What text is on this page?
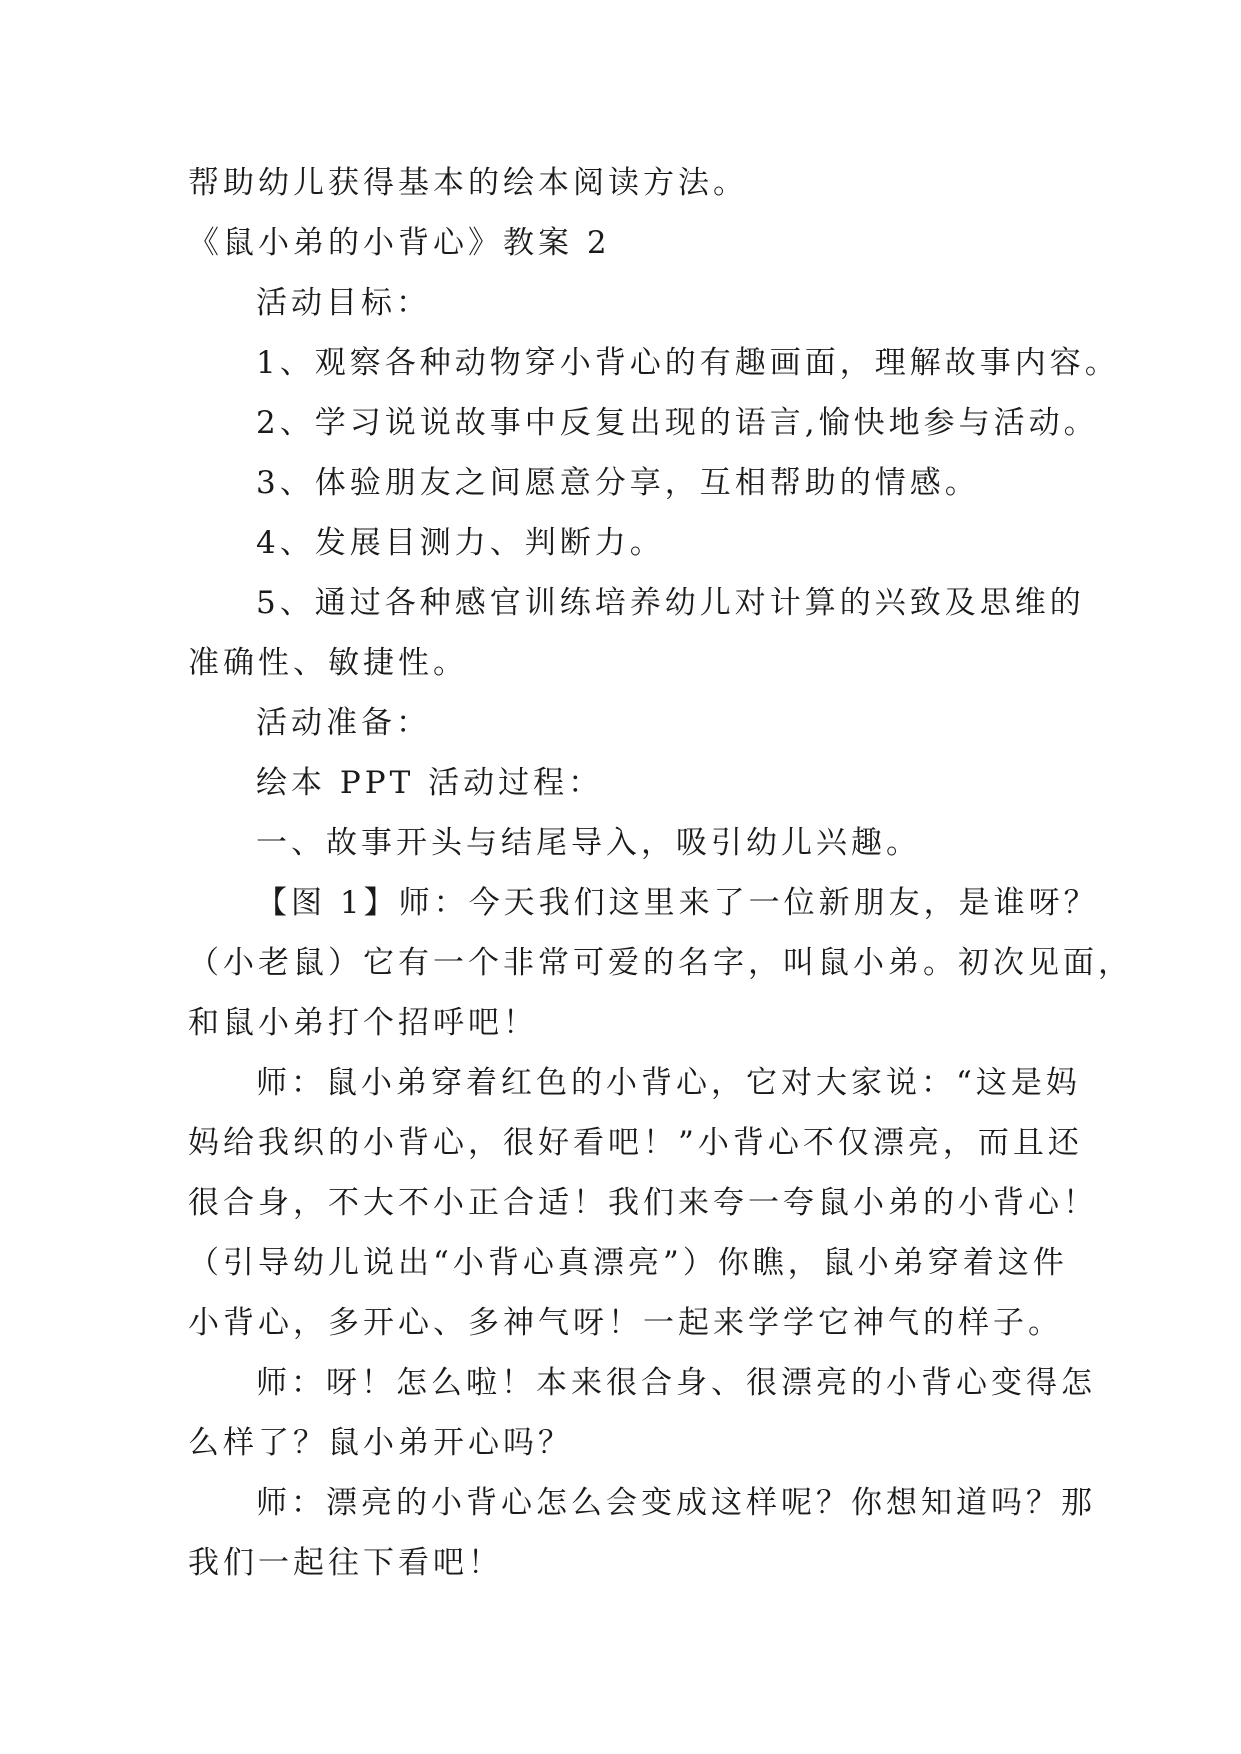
帮助幼儿获得基本的绘本阅读方法。
《鼠小弟的小背心》教案 2
活动目标：
1、观察各种动物穿小背心的有趣画面，理解故事内容。
2、学习说说故事中反复出现的语言,愉快地参与活动。
3、体验朋友之间愿意分享，互相帮助的情感。
4、发展目测力、判断力。
5、通过各种感官训练培养幼儿对计算的兴致及思维的
准确性、敏捷性。
活动准备：
绘本 PPT 活动过程：
一、故事开头与结尾导入，吸引幼儿兴趣。
【图 1】师：今天我们这里来了一位新朋友，是谁呀？
（小老鼠）它有一个非常可爱的名字，叫鼠小弟。初次见面，
和鼠小弟打个招呼吧！
师：鼠小弟穿着红色的小背心，它对大家说：“这是妈
妈给我织的小背心，很好看吧！”小背心不仅漂亮，而且还
很合身，不大不小正合适！我们来夸一夸鼠小弟的小背心！
（引导幼儿说出“小背心真漂亮”）你瞧，鼠小弟穿着这件
小背心，多开心、多神气呀！一起来学学它神气的样子。
师：呀！怎么啦！本来很合身、很漂亮的小背心变得怎
么样了？鼠小弟开心吗？
师：漂亮的小背心怎么会变成这样呢？你想知道吗？那
我们一起往下看吧！
